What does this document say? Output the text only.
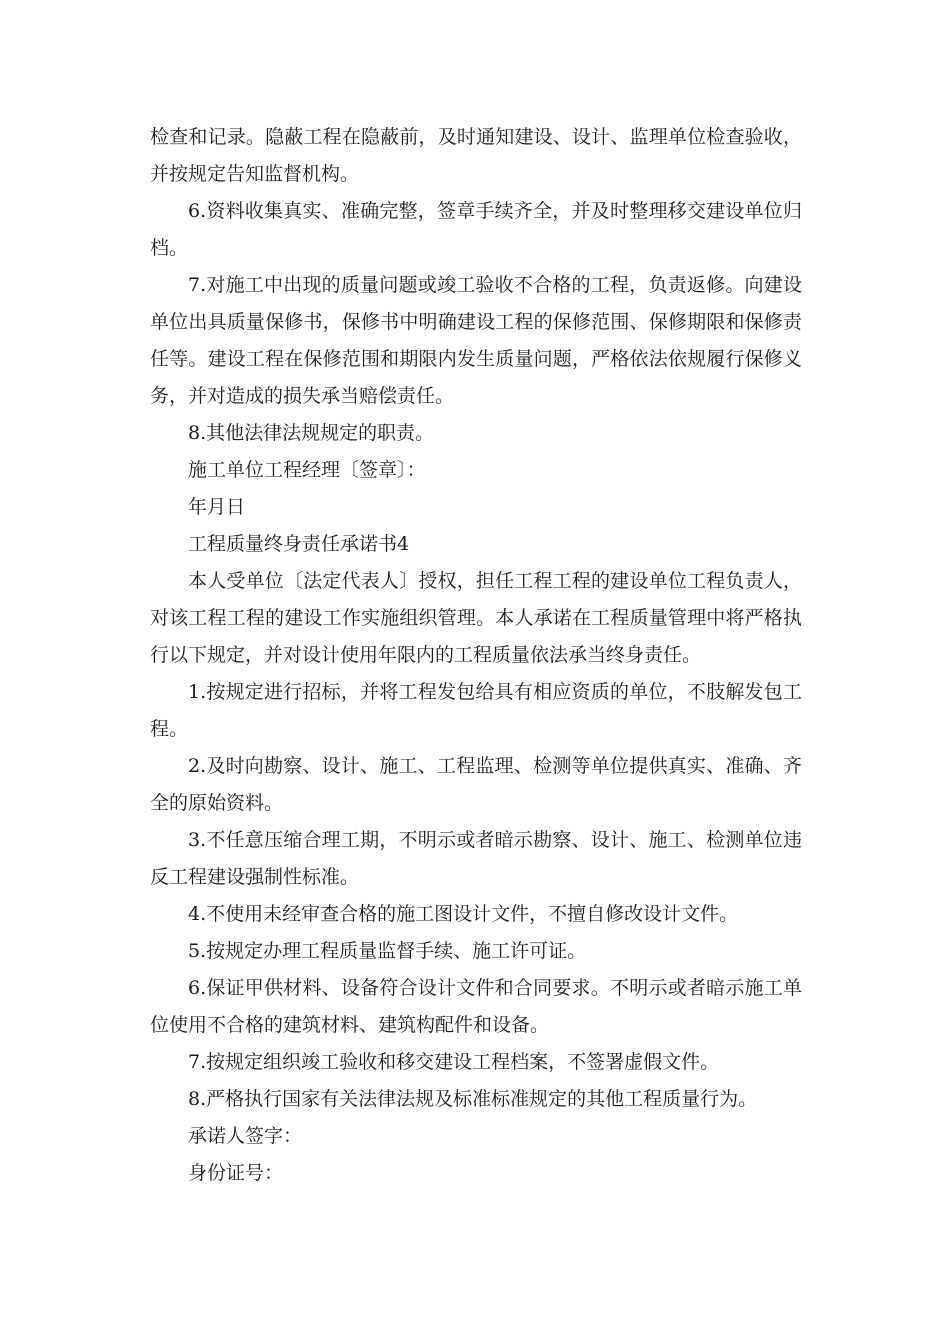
检查和记录。隐蔽工程在隐蔽前，及时通知建设、设计、监理单位检查验收，并按规定告知监督机构。

6.资料收集真实、准确完整，签章手续齐全，并及时整理移交建设单位归档。

7.对施工中出现的质量问题或竣工验收不合格的工程，负责返修。向建设单位出具质量保修书，保修书中明确建设工程的保修范围、保修期限和保修责任等。建设工程在保修范围和期限内发生质量问题，严格依法依规履行保修义务，并对造成的损失承当赔偿责任。

8.其他法律法规规定的职责。

施工单位工程经理〔签章〕：

年月日

工程质量终身责任承诺书4

本人受单位〔法定代表人〕授权，担任工程工程的建设单位工程负责人，对该工程工程的建设工作实施组织管理。本人承诺在工程质量管理中将严格执行以下规定，并对设计使用年限内的工程质量依法承当终身责任。

1.按规定进行招标，并将工程发包给具有相应资质的单位，不肢解发包工程。

2.及时向勘察、设计、施工、工程监理、检测等单位提供真实、准确、齐全的原始资料。

3.不任意压缩合理工期，不明示或者暗示勘察、设计、施工、检测单位违反工程建设强制性标准。

4.不使用未经审查合格的施工图设计文件，不擅自修改设计文件。

5.按规定办理工程质量监督手续、施工许可证。

6.保证甲供材料、设备符合设计文件和合同要求。不明示或者暗示施工单位使用不合格的建筑材料、建筑构配件和设备。

7.按规定组织竣工验收和移交建设工程档案，不签署虚假文件。

8.严格执行国家有关法律法规及标准标准规定的其他工程质量行为。

承诺人签字：

身份证号：
